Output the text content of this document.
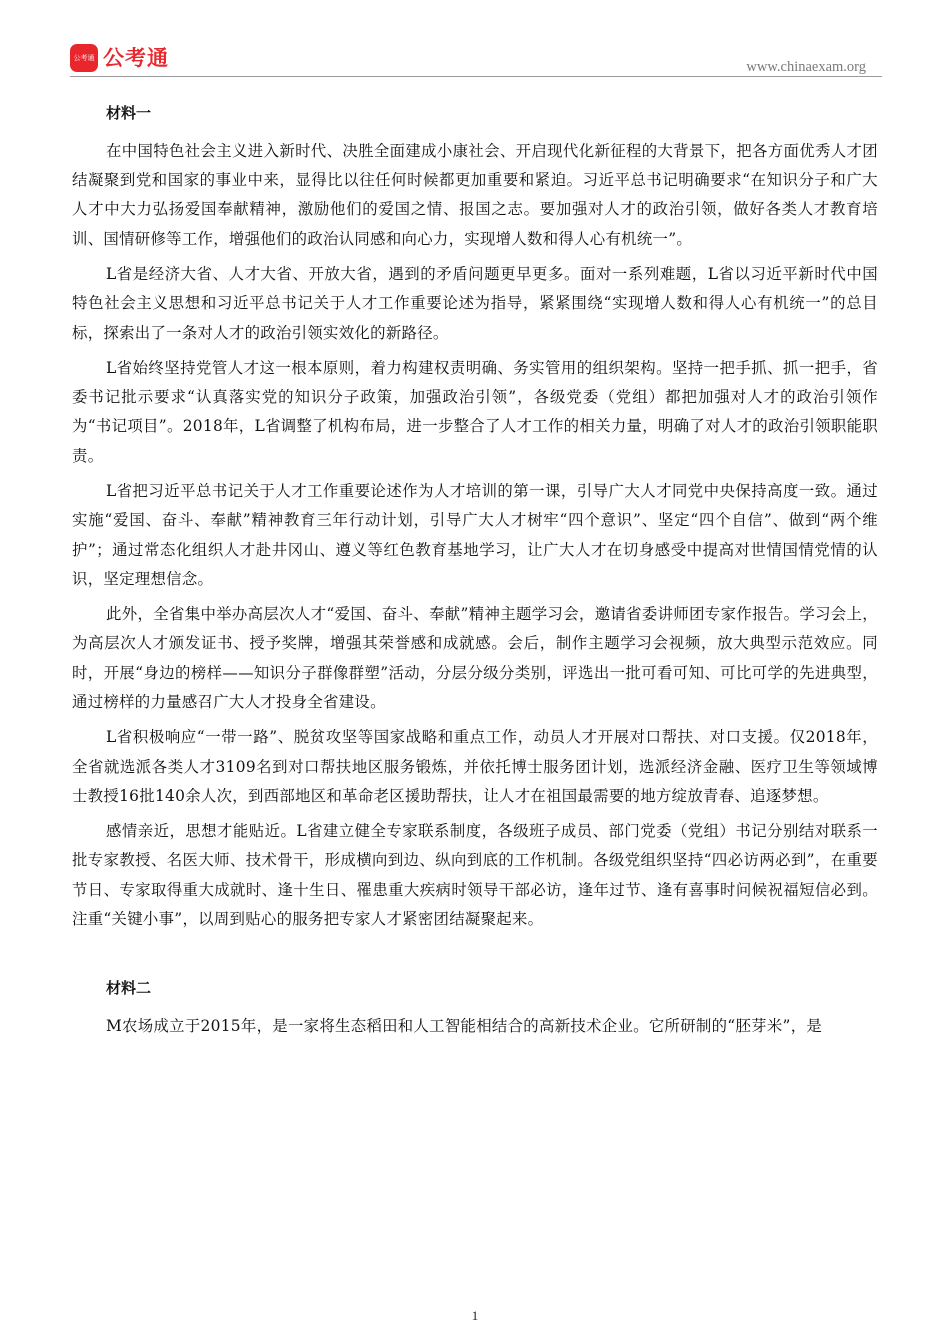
公考通 公考通	www.chinaexam.org
材料一

在中国特色社会主义进入新时代、决胜全面建成小康社会、开启现代化新征程的大背景下，把各方面优秀人才团结凝聚到党和国家的事业中来，显得比以往任何时候都更加重要和紧迫。习近平总书记明确要求“在知识分子和广大人才中大力弘扬爱国奉献精神，激励他们的爱国之情、报国之志。要加强对人才的政治引领，做好各类人才教育培训、国情研修等工作，增强他们的政治认同感和向心力，实现增人数和得人心有机统一”。

L省是经济大省、人才大省、开放大省，遇到的矛盾问题更早更多。面对一系列难题，L省以习近平新时代中国特色社会主义思想和习近平总书记关于人才工作重要论述为指导，紧紧围绕“实现增人数和得人心有机统一”的总目标，探索出了一条对人才的政治引领实效化的新路径。

L省始终坚持党管人才这一根本原则，着力构建权责明确、务实管用的组织架构。坚持一把手抓、抓一把手，省委书记批示要求“认真落实党的知识分子政策，加强政治引领”，各级党委（党组）都把加强对人才的政治引领作为“书记项目”。2018年，L省调整了机构布局，进一步整合了人才工作的相关力量，明确了对人才的政治引领职能职责。

L省把习近平总书记关于人才工作重要论述作为人才培训的第一课，引导广大人才同党中央保持高度一致。通过实施“爱国、奋斗、奉献”精神教育三年行动计划，引导广大人才树牢“四个意识”、坚定“四个自信”、做到“两个维护”；通过常态化组织人才赴井冈山、遵义等红色教育基地学习，让广大人才在切身感受中提高对世情国情党情的认识，坚定理想信念。

此外，全省集中举办高层次人才“爱国、奋斗、奉献”精神主题学习会，邀请省委讲师团专家作报告。学习会上，为高层次人才颁发证书、授予奖牌，增强其荣誉感和成就感。会后，制作主题学习会视频，放大典型示范效应。同时，开展“身边的榜样——知识分子群像群塑”活动，分层分级分类别，评选出一批可看可知、可比可学的先进典型，通过榜样的力量感召广大人才投身全省建设。

L省积极响应“一带一路”、脱贫攻坚等国家战略和重点工作，动员人才开展对口帮扶、对口支援。仅2018年，全省就选派各类人才3109名到对口帮扶地区服务锻炼，并依托博士服务团计划，选派经济金融、医疗卫生等领域博士教授16批140余人次，到西部地区和革命老区援助帮扶，让人才在祖国最需要的地方绽放青春、追逐梦想。

感情亲近，思想才能贴近。L省建立健全专家联系制度，各级班子成员、部门党委（党组）书记分别结对联系一批专家教授、名医大师、技术骨干，形成横向到边、纵向到底的工作机制。各级党组织坚持“四必访两必到”，在重要节日、专家取得重大成就时、逢十生日、罹患重大疾病时领导干部必访，逢年过节、逢有喜事时问候祝福短信必到。注重“关键小事”，以周到贴心的服务把专家人才紧密团结凝聚起来。

材料二

M农场成立于2015年，是一家将生态稻田和人工智能相结合的高新技术企业。它所研制的“胚芽米”，是

1
